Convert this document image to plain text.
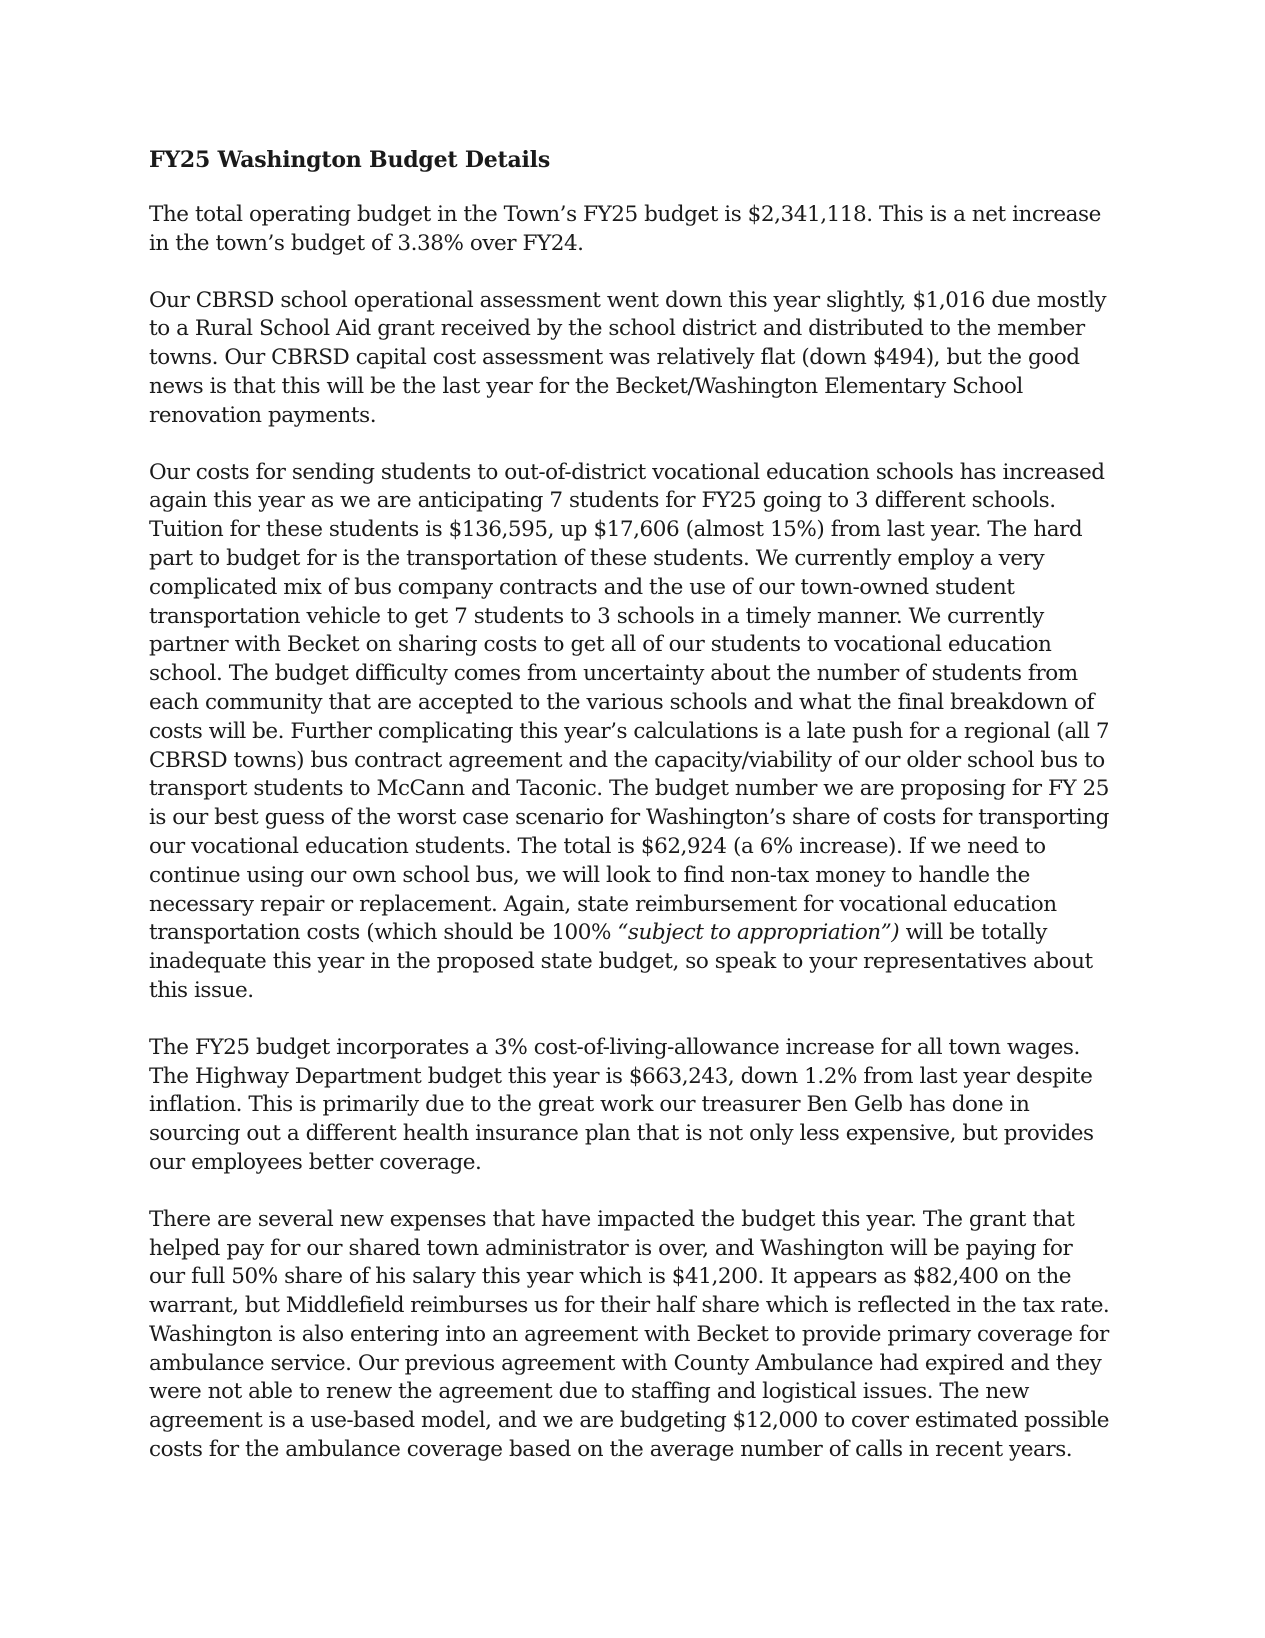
FY25 Washington Budget Details
The total operating budget in the Town’s FY25 budget is $2,341,118. This is a net increase
in the town’s budget of 3.38% over FY24.
Our CBRSD school operational assessment went down this year slightly, $1,016 due mostly
to a Rural School Aid grant received by the school district and distributed to the member
towns. Our CBRSD capital cost assessment was relatively flat (down $494), but the good
news is that this will be the last year for the Becket/Washington Elementary School
renovation payments.
Our costs for sending students to out-of-district vocational education schools has increased
again this year as we are anticipating 7 students for FY25 going to 3 different schools.
Tuition for these students is $136,595, up $17,606 (almost 15%) from last year. The hard
part to budget for is the transportation of these students. We currently employ a very
complicated mix of bus company contracts and the use of our town-owned student
transportation vehicle to get 7 students to 3 schools in a timely manner. We currently
partner with Becket on sharing costs to get all of our students to vocational education
school. The budget difficulty comes from uncertainty about the number of students from
each community that are accepted to the various schools and what the final breakdown of
costs will be. Further complicating this year’s calculations is a late push for a regional (all 7
CBRSD towns) bus contract agreement and the capacity/viability of our older school bus to
transport students to McCann and Taconic. The budget number we are proposing for FY 25
is our best guess of the worst case scenario for Washington’s share of costs for transporting
our vocational education students. The total is $62,924 (a 6% increase). If we need to
continue using our own school bus, we will look to find non-tax money to handle the
necessary repair or replacement. Again, state reimbursement for vocational education
transportation costs (which should be 100% “subject to appropriation”) will be totally
inadequate this year in the proposed state budget, so speak to your representatives about
this issue.
The FY25 budget incorporates a 3% cost-of-living-allowance increase for all town wages.
The Highway Department budget this year is $663,243, down 1.2% from last year despite
inflation. This is primarily due to the great work our treasurer Ben Gelb has done in
sourcing out a different health insurance plan that is not only less expensive, but provides
our employees better coverage.
There are several new expenses that have impacted the budget this year. The grant that
helped pay for our shared town administrator is over, and Washington will be paying for
our full 50% share of his salary this year which is $41,200. It appears as $82,400 on the
warrant, but Middlefield reimburses us for their half share which is reflected in the tax rate.
Washington is also entering into an agreement with Becket to provide primary coverage for
ambulance service. Our previous agreement with County Ambulance had expired and they
were not able to renew the agreement due to staffing and logistical issues. The new
agreement is a use-based model, and we are budgeting $12,000 to cover estimated possible
costs for the ambulance coverage based on the average number of calls in recent years.
